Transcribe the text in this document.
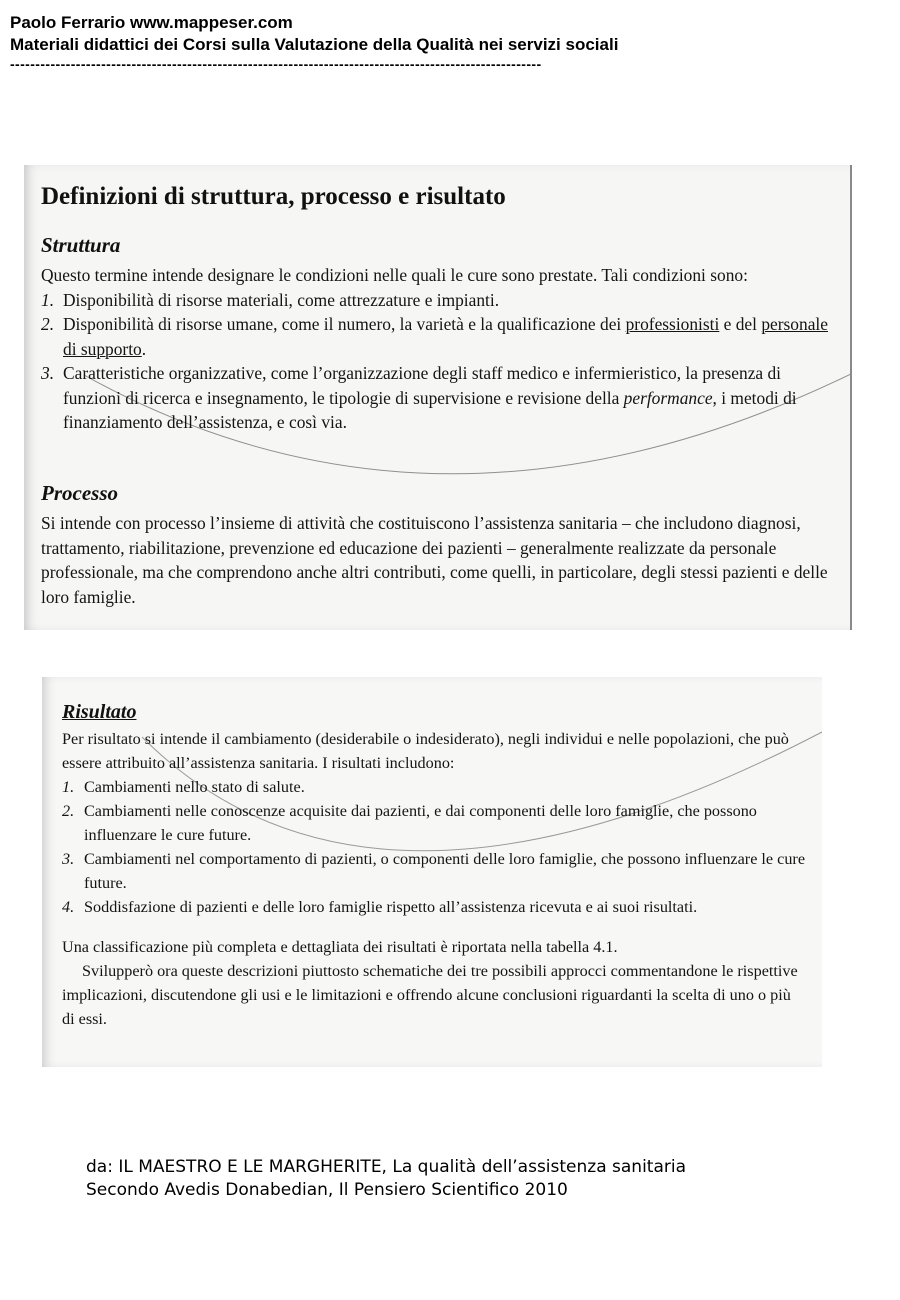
Paolo Ferrario www.mappeser.com
Materiali didattici dei Corsi sulla Valutazione della Qualità nei servizi sociali
---------------------------------------------------------------------------------------------------------
Definizioni di struttura, processo e risultato
Struttura
Questo termine intende designare le condizioni nelle quali le cure sono prestate. Tali condizioni sono:
1. Disponibilità di risorse materiali, come attrezzature e impianti.
2. Disponibilità di risorse umane, come il numero, la varietà e la qualificazione dei professionisti e del personale di supporto.
3. Caratteristiche organizzative, come l’organizzazione degli staff medico e infermieristico, la presenza di funzioni di ricerca e insegnamento, le tipologie di supervisione e revisione della performance, i metodi di finanziamento dell’assistenza, e così via.
Processo
Si intende con processo l’insieme di attività che costituiscono l’assistenza sanitaria – che includono diagnosi, trattamento, riabilitazione, prevenzione ed educazione dei pazienti – generalmente realizzate da personale professionale, ma che comprendono anche altri contributi, come quelli, in particolare, degli stessi pazienti e delle loro famiglie.
Risultato
Per risultato si intende il cambiamento (desiderabile o indesiderato), negli individui e nelle popolazioni, che può essere attribuito all’assistenza sanitaria. I risultati includono:
1. Cambiamenti nello stato di salute.
2. Cambiamenti nelle conoscenze acquisite dai pazienti, e dai componenti delle loro famiglie, che possono influenzare le cure future.
3. Cambiamenti nel comportamento di pazienti, o componenti delle loro famiglie, che possono influenzare le cure future.
4. Soddisfazione di pazienti e delle loro famiglie rispetto all’assistenza ricevuta e ai suoi risultati.
Una classificazione più completa e dettagliata dei risultati è riportata nella tabella 4.1.
Svilupperò ora queste descrizioni piuttosto schematiche dei tre possibili approcci commentandone le rispettive implicazioni, discutendone gli usi e le limitazioni e offrendo alcune conclusioni riguardanti la scelta di uno o più di essi.
da: IL MAESTRO E LE MARGHERITE, La qualità dell’assistenza sanitaria
Secondo Avedis Donabedian, Il Pensiero Scientifico 2010
